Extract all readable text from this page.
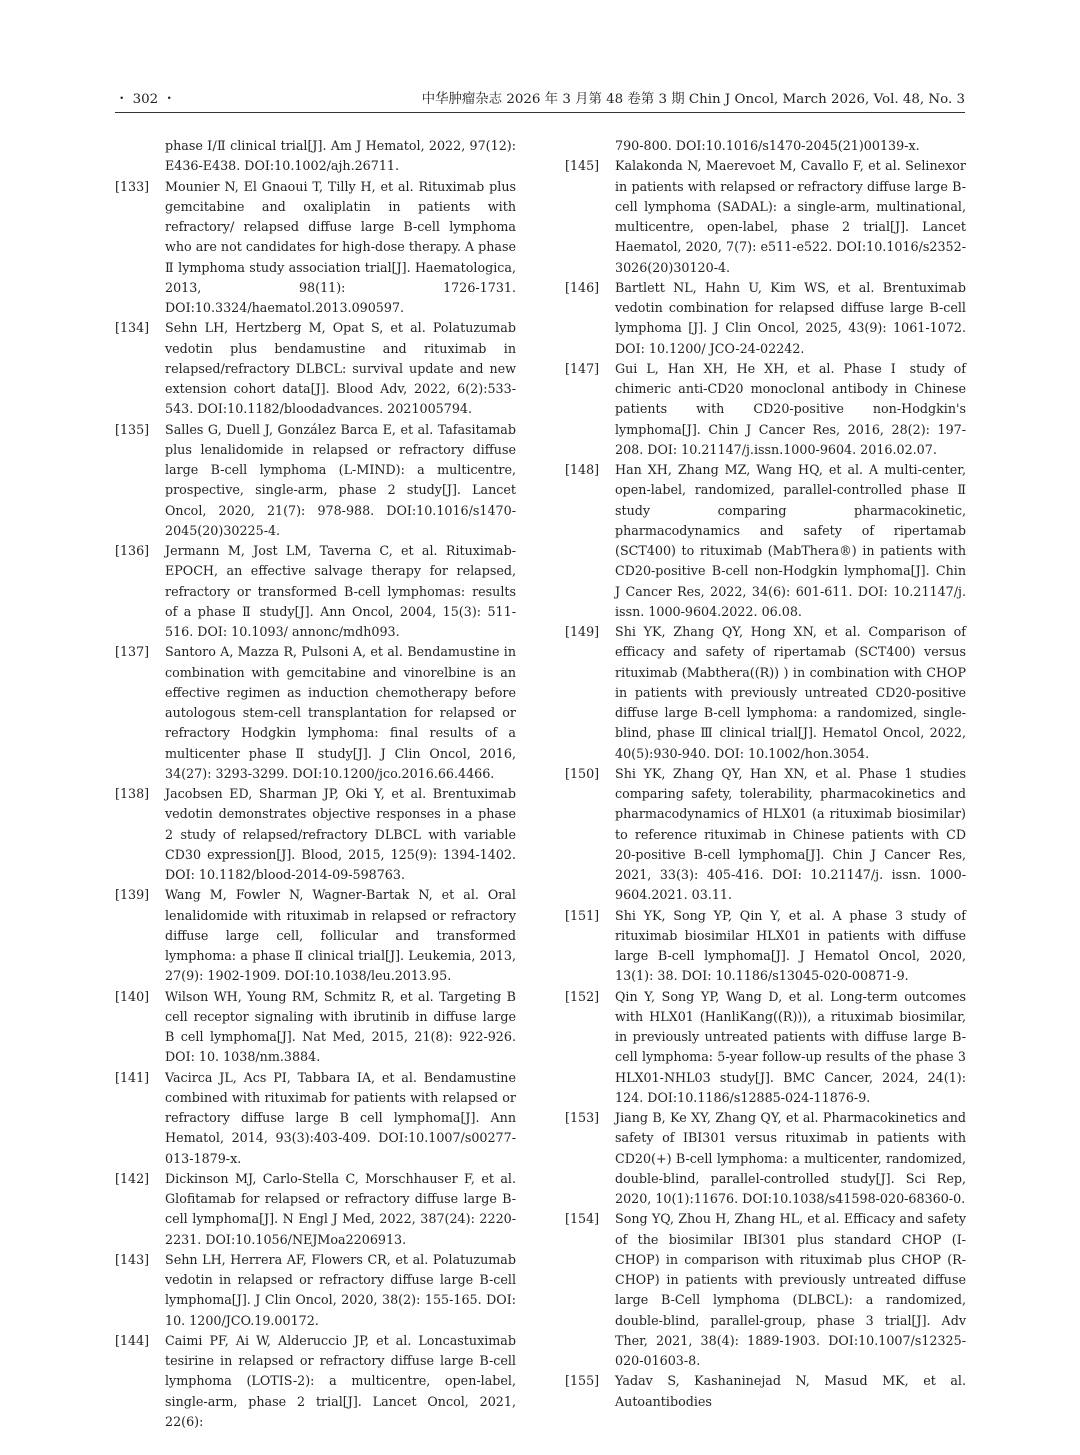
・ 302 ・	中华肿瘤杂志 2026 年 3 月第 48 卷第 3 期 Chin J Oncol, March 2026, Vol. 48, No. 3
phase Ⅰ/Ⅱ clinical trial[J]. Am J Hematol, 2022, 97(12): E436-E438. DOI:10.1002/ajh.26711.
[133] Mounier N, El Gnaoui T, Tilly H, et al. Rituximab plus gemcitabine and oxaliplatin in patients with refractory/ relapsed diffuse large B-cell lymphoma who are not candidates for high-dose therapy. A phase Ⅱ lymphoma study association trial[J]. Haematologica, 2013, 98(11): 1726-1731. DOI:10.3324/haematol.2013.090597.
[134] Sehn LH, Hertzberg M, Opat S, et al. Polatuzumab vedotin plus bendamustine and rituximab in relapsed/refractory DLBCL: survival update and new extension cohort data[J]. Blood Adv, 2022, 6(2):533-543. DOI:10.1182/bloodadvances. 2021005794.
[135] Salles G, Duell J, González Barca E, et al. Tafasitamab plus lenalidomide in relapsed or refractory diffuse large B-cell lymphoma (L-MIND): a multicentre, prospective, single-arm, phase 2 study[J]. Lancet Oncol, 2020, 21(7): 978-988. DOI:10.1016/s1470-2045(20)30225-4.
[136] Jermann M, Jost LM, Taverna C, et al. Rituximab-EPOCH, an effective salvage therapy for relapsed, refractory or transformed B-cell lymphomas: results of a phase Ⅱ study[J]. Ann Oncol, 2004, 15(3): 511-516. DOI: 10.1093/ annonc/mdh093.
[137] Santoro A, Mazza R, Pulsoni A, et al. Bendamustine in combination with gemcitabine and vinorelbine is an effective regimen as induction chemotherapy before autologous stem-cell transplantation for relapsed or refractory Hodgkin lymphoma: final results of a multicenter phase Ⅱ study[J]. J Clin Oncol, 2016, 34(27): 3293-3299. DOI:10.1200/jco.2016.66.4466.
[138] Jacobsen ED, Sharman JP, Oki Y, et al. Brentuximab vedotin demonstrates objective responses in a phase 2 study of relapsed/refractory DLBCL with variable CD30 expression[J]. Blood, 2015, 125(9): 1394-1402. DOI: 10.1182/blood-2014-09-598763.
[139] Wang M, Fowler N, Wagner-Bartak N, et al. Oral lenalidomide with rituximab in relapsed or refractory diffuse large cell, follicular and transformed lymphoma: a phase Ⅱ clinical trial[J]. Leukemia, 2013, 27(9): 1902-1909. DOI:10.1038/leu.2013.95.
[140] Wilson WH, Young RM, Schmitz R, et al. Targeting B cell receptor signaling with ibrutinib in diffuse large B cell lymphoma[J]. Nat Med, 2015, 21(8): 922-926. DOI: 10. 1038/nm.3884.
[141] Vacirca JL, Acs PI, Tabbara IA, et al. Bendamustine combined with rituximab for patients with relapsed or refractory diffuse large B cell lymphoma[J]. Ann Hematol, 2014, 93(3):403-409. DOI:10.1007/s00277-013-1879-x.
[142] Dickinson MJ, Carlo-Stella C, Morschhauser F, et al. Glofitamab for relapsed or refractory diffuse large B-cell lymphoma[J]. N Engl J Med, 2022, 387(24): 2220-2231. DOI:10.1056/NEJMoa2206913.
[143] Sehn LH, Herrera AF, Flowers CR, et al. Polatuzumab vedotin in relapsed or refractory diffuse large B-cell lymphoma[J]. J Clin Oncol, 2020, 38(2): 155-165. DOI: 10. 1200/JCO.19.00172.
[144] Caimi PF, Ai W, Alderuccio JP, et al. Loncastuximab tesirine in relapsed or refractory diffuse large B-cell lymphoma (LOTIS-2): a multicentre, open-label, single-arm, phase 2 trial[J]. Lancet Oncol, 2021, 22(6):
790-800. DOI:10.1016/s1470-2045(21)00139-x.
[145] Kalakonda N, Maerevoet M, Cavallo F, et al. Selinexor in patients with relapsed or refractory diffuse large B-cell lymphoma (SADAL): a single-arm, multinational, multicentre, open-label, phase 2 trial[J]. Lancet Haematol, 2020, 7(7): e511-e522. DOI:10.1016/s2352-3026(20)30120-4.
[146] Bartlett NL, Hahn U, Kim WS, et al. Brentuximab vedotin combination for relapsed diffuse large B-cell lymphoma [J]. J Clin Oncol, 2025, 43(9): 1061-1072. DOI: 10.1200/ JCO-24-02242.
[147] Gui L, Han XH, He XH, et al. Phase Ⅰ study of chimeric anti-CD20 monoclonal antibody in Chinese patients with CD20-positive non-Hodgkin's lymphoma[J]. Chin J Cancer Res, 2016, 28(2): 197-208. DOI: 10.21147/j.issn.1000-9604. 2016.02.07.
[148] Han XH, Zhang MZ, Wang HQ, et al. A multi-center, open-label, randomized, parallel-controlled phase Ⅱ study comparing pharmacokinetic, pharmacodynamics and safety of ripertamab (SCT400) to rituximab (MabThera®) in patients with CD20-positive B-cell non-Hodgkin lymphoma[J]. Chin J Cancer Res, 2022, 34(6): 601-611. DOI: 10.21147/j. issn. 1000-9604.2022. 06.08.
[149] Shi YK, Zhang QY, Hong XN, et al. Comparison of efficacy and safety of ripertamab (SCT400) versus rituximab (Mabthera((R)) ) in combination with CHOP in patients with previously untreated CD20-positive diffuse large B-cell lymphoma: a randomized, single-blind, phase Ⅲ clinical trial[J]. Hematol Oncol, 2022, 40(5):930-940. DOI: 10.1002/hon.3054.
[150] Shi YK, Zhang QY, Han XN, et al. Phase 1 studies comparing safety, tolerability, pharmacokinetics and pharmacodynamics of HLX01 (a rituximab biosimilar) to reference rituximab in Chinese patients with CD 20-positive B-cell lymphoma[J]. Chin J Cancer Res, 2021, 33(3): 405-416. DOI: 10.21147/j. issn. 1000-9604.2021. 03.11.
[151] Shi YK, Song YP, Qin Y, et al. A phase 3 study of rituximab biosimilar HLX01 in patients with diffuse large B-cell lymphoma[J]. J Hematol Oncol, 2020, 13(1): 38. DOI: 10.1186/s13045-020-00871-9.
[152] Qin Y, Song YP, Wang D, et al. Long-term outcomes with HLX01 (HanliKang((R))), a rituximab biosimilar, in previously untreated patients with diffuse large B-cell lymphoma: 5-year follow-up results of the phase 3 HLX01-NHL03 study[J]. BMC Cancer, 2024, 24(1): 124. DOI:10.1186/s12885-024-11876-9.
[153] Jiang B, Ke XY, Zhang QY, et al. Pharmacokinetics and safety of IBI301 versus rituximab in patients with CD20(+) B-cell lymphoma: a multicenter, randomized, double-blind, parallel-controlled study[J]. Sci Rep, 2020, 10(1):11676. DOI:10.1038/s41598-020-68360-0.
[154] Song YQ, Zhou H, Zhang HL, et al. Efficacy and safety of the biosimilar IBI301 plus standard CHOP (I-CHOP) in comparison with rituximab plus CHOP (R-CHOP) in patients with previously untreated diffuse large B-Cell lymphoma (DLBCL): a randomized, double-blind, parallel-group, phase 3 trial[J]. Adv Ther, 2021, 38(4): 1889-1903. DOI:10.1007/s12325-020-01603-8.
[155] Yadav S, Kashaninejad N, Masud MK, et al. Autoantibodies
